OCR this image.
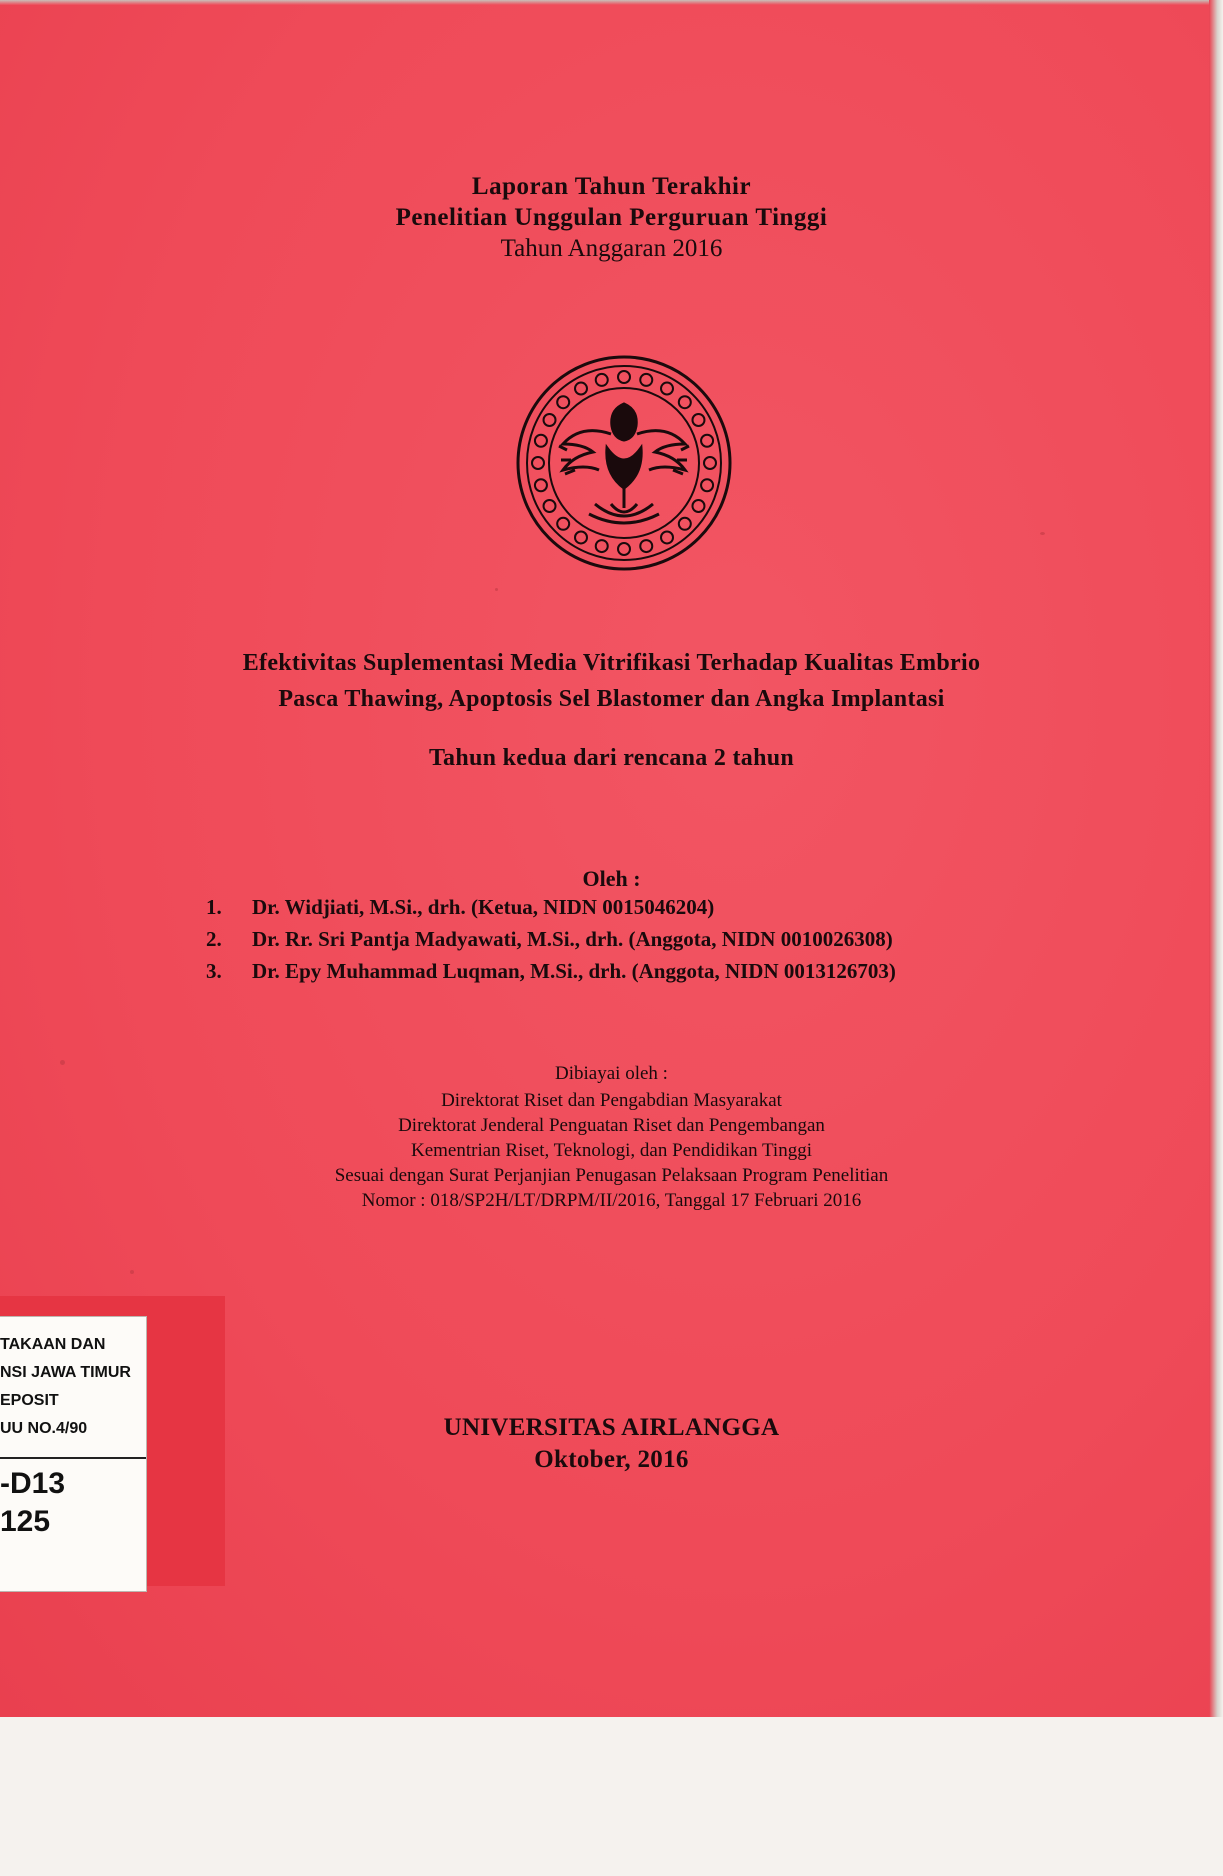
Laporan Tahun Terakhir
Penelitian Unggulan Perguruan Tinggi
Tahun Anggaran 2016
Efektivitas Suplementasi Media Vitrifikasi Terhadap Kualitas Embrio
Pasca Thawing, Apoptosis Sel Blastomer dan Angka Implantasi
Tahun kedua dari rencana 2 tahun
Oleh :
1. Dr. Widjiati, M.Si., drh. (Ketua, NIDN 0015046204)
2. Dr. Rr. Sri Pantja Madyawati, M.Si., drh. (Anggota, NIDN 0010026308)
3. Dr. Epy Muhammad Luqman, M.Si., drh. (Anggota, NIDN 0013126703)
Dibiayai oleh :
Direktorat Riset dan Pengabdian Masyarakat
Direktorat Jenderal Penguatan Riset dan Pengembangan
Kementrian Riset, Teknologi, dan Pendidikan Tinggi
Sesuai dengan Surat Perjanjian Penugasan Pelaksaan Program Penelitian
Nomor : 018/SP2H/LT/DRPM/II/2016, Tanggal 17 Februari 2016
UNIVERSITAS AIRLANGGA
Oktober, 2016
TAKAAN DAN
NSI JAWA TIMUR
EPOSIT
UU NO.4/90
-D13
125
